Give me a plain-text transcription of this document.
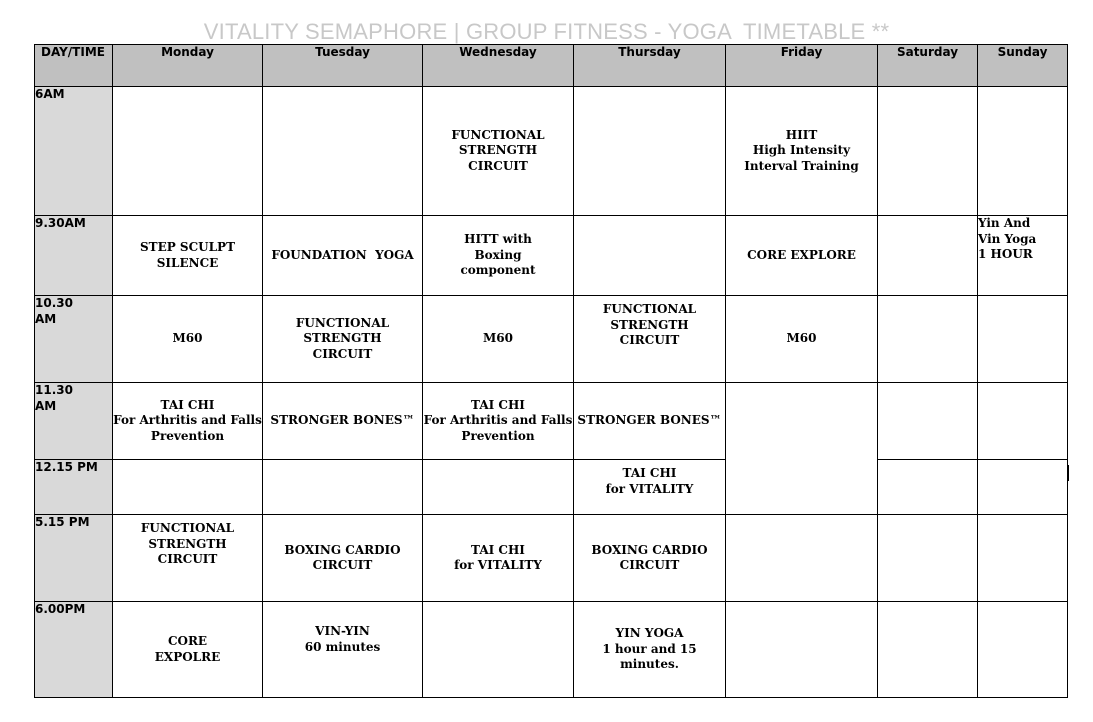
VITALITY SEMAPHORE | GROUP FITNESS - YOGA  TIMETABLE **
DAY/TIME	Monday	Tuesday	Wednesday	Thursday	Friday	Saturday	Sunday
6AM			FUNCTIONAL
STRENGTH
CIRCUIT		HIIT
High Intensity
Interval Training		

9.30AM	STEP SCULPT
SILENCE	FOUNDATION  YOGA	HITT with
Boxing
component		CORE EXPLORE		Yin And
Vin Yoga
1 HOUR

10.30 AM	M60	FUNCTIONAL
STRENGTH
CIRCUIT	M60	FUNCTIONAL
STRENGTH
CIRCUIT	M60		

11.30 AM	TAI CHI
For Arthritis and Falls
Prevention	STRONGER BONES™	TAI CHI
For Arthritis and Falls
Prevention	STRONGER BONES™			

12.15 PM				TAI CHI
for VITALITY			

5.15 PM	FUNCTIONAL
STRENGTH
CIRCUIT	BOXING CARDIO
CIRCUIT	TAI CHI
for VITALITY	BOXING CARDIO
CIRCUIT			

6.00PM	CORE
EXPOLRE	VIN-YIN
60 minutes		YIN YOGA
1 hour and 15
minutes.			
